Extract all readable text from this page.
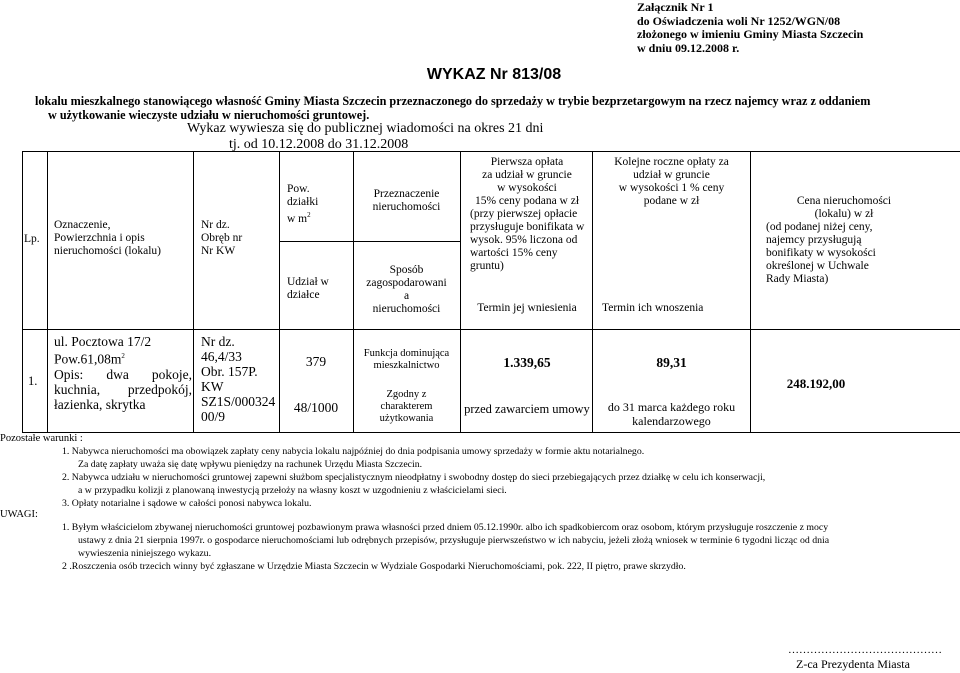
Załącznik Nr 1
do Oświadczenia woli Nr 1252/WGN/08
złożonego w imieniu Gminy Miasta Szczecin
w dniu 09.12.2008 r.
WYKAZ Nr 813/08
lokalu mieszkalnego stanowiącego własność Gminy Miasta Szczecin przeznaczonego do sprzedaży w trybie bezprzetargowym na rzecz najemcy wraz z oddaniem
w użytkowanie wieczyste udziału w nieruchomości gruntowej.
Wykaz wywiesza się do publicznej wiadomości na okres 21 dni
tj. od 10.12.2008 do 31.12.2008
Lp.
Oznaczenie,
Powierzchnia i opis
nieruchomości (lokalu)
Nr dz.
Obręb nr
Nr KW
Pow.
działki
w $m^2$
Udział w
działce
Przeznaczenie
nieruchomości
Sposób
zagospodarowani
a
nieruchomości
Pierwsza opłata
za udział w gruncie
w wysokości
15% ceny podana w zł
(przy pierwszej opłacie
przysługuje bonifikata w
wysok. 95% liczona od
wartości 15% ceny
gruntu)
Termin jej wniesienia
Kolejne roczne opłaty za
udział w gruncie
w wysokości 1 % ceny
podane w zł
Termin ich wnoszenia
Cena nieruchomości
(lokalu) w zł
(od podanej niżej ceny,
najemcy przysługują
bonifikaty w wysokości
określonej w Uchwale
Rady Miasta)
1.
ul. Pocztowa 17/2
$Pow.61,08m^2$
Opis: dwa pokoje,
kuchnia, przedpokój,
łazienka, skrytka
Nr dz.
46,4/33
Obr. 157P.
KW
SZ1S/000324
00/9
379
48/1000
Funkcja dominująca
mieszkalnictwo
Zgodny z
charakterem
użytkowania
1.339,65
przed zawarciem umowy
89,31
do 31 marca każdego roku
kalendarzowego
248.192,00
Pozostałe warunki :
1. Nabywca nieruchomości ma obowiązek zapłaty ceny nabycia lokalu najpóźniej do dnia podpisania umowy sprzedaży w formie aktu notarialnego.
Za datę zapłaty uważa się datę wpływu pieniędzy na rachunek Urzędu Miasta Szczecin.
2. Nabywca udziału w nieruchomości gruntowej zapewni służbom specjalistycznym nieodpłatny i swobodny dostęp do sieci przebiegających przez działkę w celu ich konserwacji,
a w przypadku kolizji z planowaną inwestycją przełoży na własny koszt w uzgodnieniu z właścicielami sieci.
3. Opłaty notarialne i sądowe w całości ponosi nabywca lokalu.
UWAGI:
1. Byłym właścicielom zbywanej nieruchomości gruntowej pozbawionym prawa własności przed dniem 05.12.1990r. albo ich spadkobiercom oraz osobom, którym przysługuje roszczenie z mocy
ustawy z dnia 21 sierpnia 1997r. o gospodarce nieruchomościami lub odrębnych przepisów, przysługuje pierwszeństwo w ich nabyciu, jeżeli złożą wniosek w terminie 6 tygodni licząc od dnia
wywieszenia niniejszego wykazu.
2 .Roszczenia osób trzecich winny być zgłaszane w Urzędzie Miasta Szczecin w Wydziale Gospodarki Nieruchomościami, pok. 222, II piętro, prawe skrzydło.
……………………………………
Z-ca Prezydenta Miasta
